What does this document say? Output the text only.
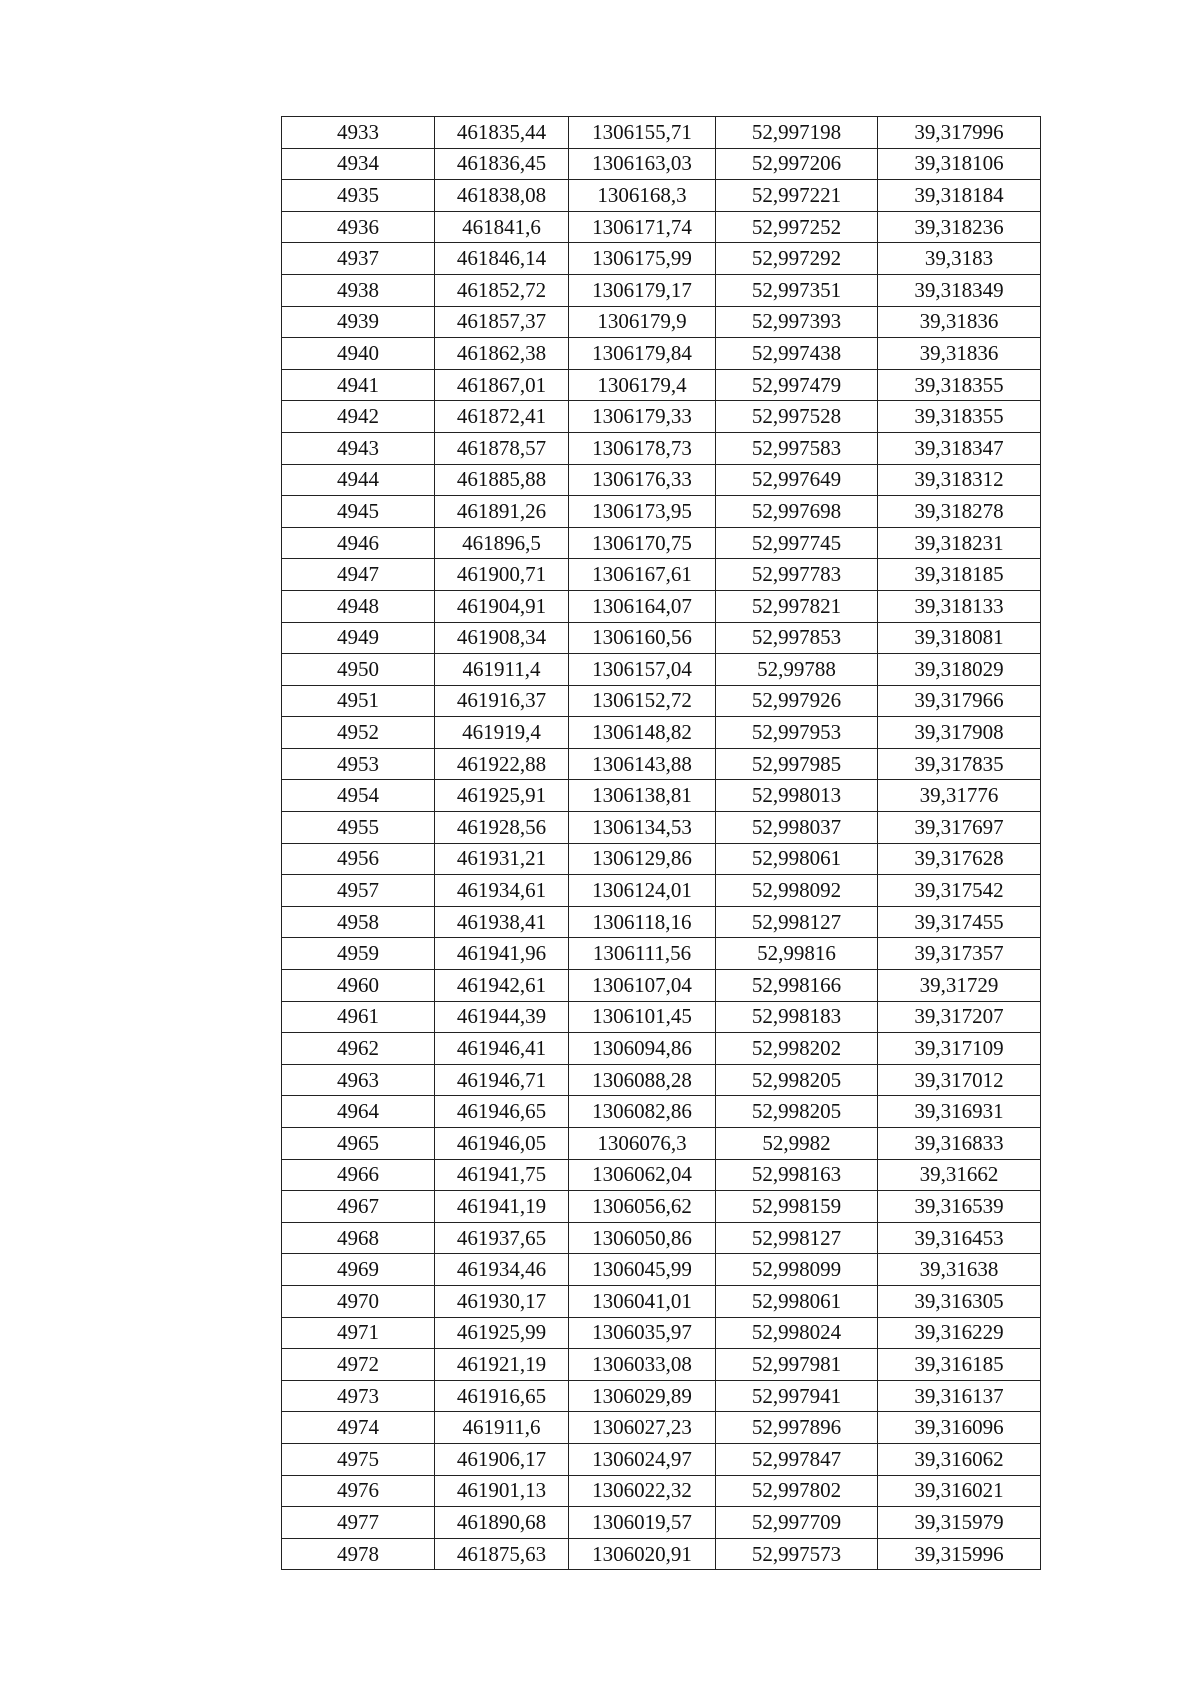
4933	461835,44	1306155,71	52,997198	39,317996
4934	461836,45	1306163,03	52,997206	39,318106
4935	461838,08	1306168,3	52,997221	39,318184
4936	461841,6	1306171,74	52,997252	39,318236
4937	461846,14	1306175,99	52,997292	39,3183
4938	461852,72	1306179,17	52,997351	39,318349
4939	461857,37	1306179,9	52,997393	39,31836
4940	461862,38	1306179,84	52,997438	39,31836
4941	461867,01	1306179,4	52,997479	39,318355
4942	461872,41	1306179,33	52,997528	39,318355
4943	461878,57	1306178,73	52,997583	39,318347
4944	461885,88	1306176,33	52,997649	39,318312
4945	461891,26	1306173,95	52,997698	39,318278
4946	461896,5	1306170,75	52,997745	39,318231
4947	461900,71	1306167,61	52,997783	39,318185
4948	461904,91	1306164,07	52,997821	39,318133
4949	461908,34	1306160,56	52,997853	39,318081
4950	461911,4	1306157,04	52,99788	39,318029
4951	461916,37	1306152,72	52,997926	39,317966
4952	461919,4	1306148,82	52,997953	39,317908
4953	461922,88	1306143,88	52,997985	39,317835
4954	461925,91	1306138,81	52,998013	39,31776
4955	461928,56	1306134,53	52,998037	39,317697
4956	461931,21	1306129,86	52,998061	39,317628
4957	461934,61	1306124,01	52,998092	39,317542
4958	461938,41	1306118,16	52,998127	39,317455
4959	461941,96	1306111,56	52,99816	39,317357
4960	461942,61	1306107,04	52,998166	39,31729
4961	461944,39	1306101,45	52,998183	39,317207
4962	461946,41	1306094,86	52,998202	39,317109
4963	461946,71	1306088,28	52,998205	39,317012
4964	461946,65	1306082,86	52,998205	39,316931
4965	461946,05	1306076,3	52,9982	39,316833
4966	461941,75	1306062,04	52,998163	39,31662
4967	461941,19	1306056,62	52,998159	39,316539
4968	461937,65	1306050,86	52,998127	39,316453
4969	461934,46	1306045,99	52,998099	39,31638
4970	461930,17	1306041,01	52,998061	39,316305
4971	461925,99	1306035,97	52,998024	39,316229
4972	461921,19	1306033,08	52,997981	39,316185
4973	461916,65	1306029,89	52,997941	39,316137
4974	461911,6	1306027,23	52,997896	39,316096
4975	461906,17	1306024,97	52,997847	39,316062
4976	461901,13	1306022,32	52,997802	39,316021
4977	461890,68	1306019,57	52,997709	39,315979
4978	461875,63	1306020,91	52,997573	39,315996
